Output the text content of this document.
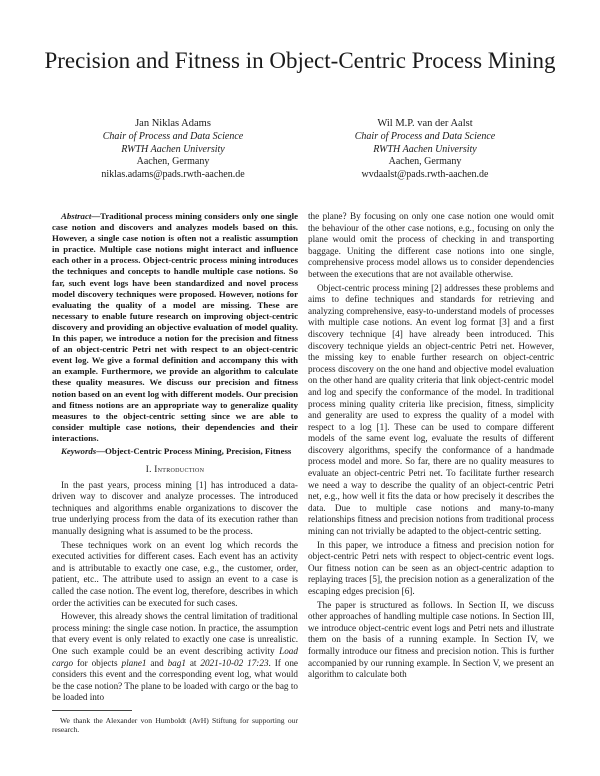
Precision and Fitness in Object-Centric Process Mining
Jan Niklas Adams
Chair of Process and Data Science
RWTH Aachen University
Aachen, Germany
niklas.adams@pads.rwth-aachen.de
Wil M.P. van der Aalst
Chair of Process and Data Science
RWTH Aachen University
Aachen, Germany
wvdaalst@pads.rwth-aachen.de

Abstract—Traditional process mining considers only one single case notion and discovers and analyzes models based on this. However, a single case notion is often not a realistic assumption in practice. Multiple case notions might interact and influence each other in a process. Object-centric process mining introduces the techniques and concepts to handle multiple case notions. So far, such event logs have been standardized and novel process model discovery techniques were proposed. However, notions for evaluating the quality of a model are missing. These are necessary to enable future research on improving object-centric discovery and providing an objective evaluation of model quality. In this paper, we introduce a notion for the precision and fitness of an object-centric Petri net with respect to an object-centric event log. We give a formal definition and accompany this with an example. Furthermore, we provide an algorithm to calculate these quality measures. We discuss our precision and fitness notion based on an event log with different models. Our precision and fitness notions are an appropriate way to generalize quality measures to the object-centric setting since we are able to consider multiple case notions, their dependencies and their interactions.

Keywords—Object-Centric Process Mining, Precision, Fitness

I. Introduction

In the past years, process mining [1] has introduced a data-driven way to discover and analyze processes. The introduced techniques and algorithms enable organizations to discover the true underlying process from the data of its execution rather than manually designing what is assumed to be the process.

These techniques work on an event log which records the executed activities for different cases. Each event has an activity and is attributable to exactly one case, e.g., the customer, order, patient, etc.. The attribute used to assign an event to a case is called the case notion. The event log, therefore, describes in which order the activities can be executed for such cases.

However, this already shows the central limitation of traditional process mining: the single case notion. In practice, the assumption that every event is only related to exactly one case is unrealistic. One such example could be an event describing activity Load cargo for objects plane1 and bag1 at 2021-10-02 17:23. If one considers this event and the corresponding event log, what would be the case notion? The plane to be loaded with cargo or the bag to be loaded into

We thank the Alexander von Humboldt (AvH) Stiftung for supporting our research.

the plane? By focusing on only one case notion one would omit the behaviour of the other case notions, e.g., focusing on only the plane would omit the process of checking in and transporting baggage. Uniting the different case notions into one single, comprehensive process model allows us to consider dependencies between the executions that are not available otherwise.

Object-centric process mining [2] addresses these problems and aims to define techniques and standards for retrieving and analyzing comprehensive, easy-to-understand models of processes with multiple case notions. An event log format [3] and a first discovery technique [4] have already been introduced. This discovery technique yields an object-centric Petri net. However, the missing key to enable further research on object-centric process discovery on the one hand and objective model evaluation on the other hand are quality criteria that link object-centric model and log and specify the conformance of the model. In traditional process mining quality criteria like precision, fitness, simplicity and generality are used to express the quality of a model with respect to a log [1]. These can be used to compare different models of the same event log, evaluate the results of different discovery algorithms, specify the conformance of a handmade process model and more. So far, there are no quality measures to evaluate an object-centric Petri net. To facilitate further research we need a way to describe the quality of an object-centric Petri net, e.g., how well it fits the data or how precisely it describes the data. Due to multiple case notions and many-to-many relationships fitness and precision notions from traditional process mining can not trivially be adapted to the object-centric setting.

In this paper, we introduce a fitness and precision notion for object-centric Petri nets with respect to object-centric event logs. Our fitness notion can be seen as an object-centric adaption to replaying traces [5], the precision notion as a generalization of the escaping edges precision [6].

The paper is structured as follows. In Section II, we discuss other approaches of handling multiple case notions. In Section III, we introduce object-centric event logs and Petri nets and illustrate them on the basis of a running example. In Section IV, we formally introduce our fitness and precision notion. This is further accompanied by our running example. In Section V, we present an algorithm to calculate both
